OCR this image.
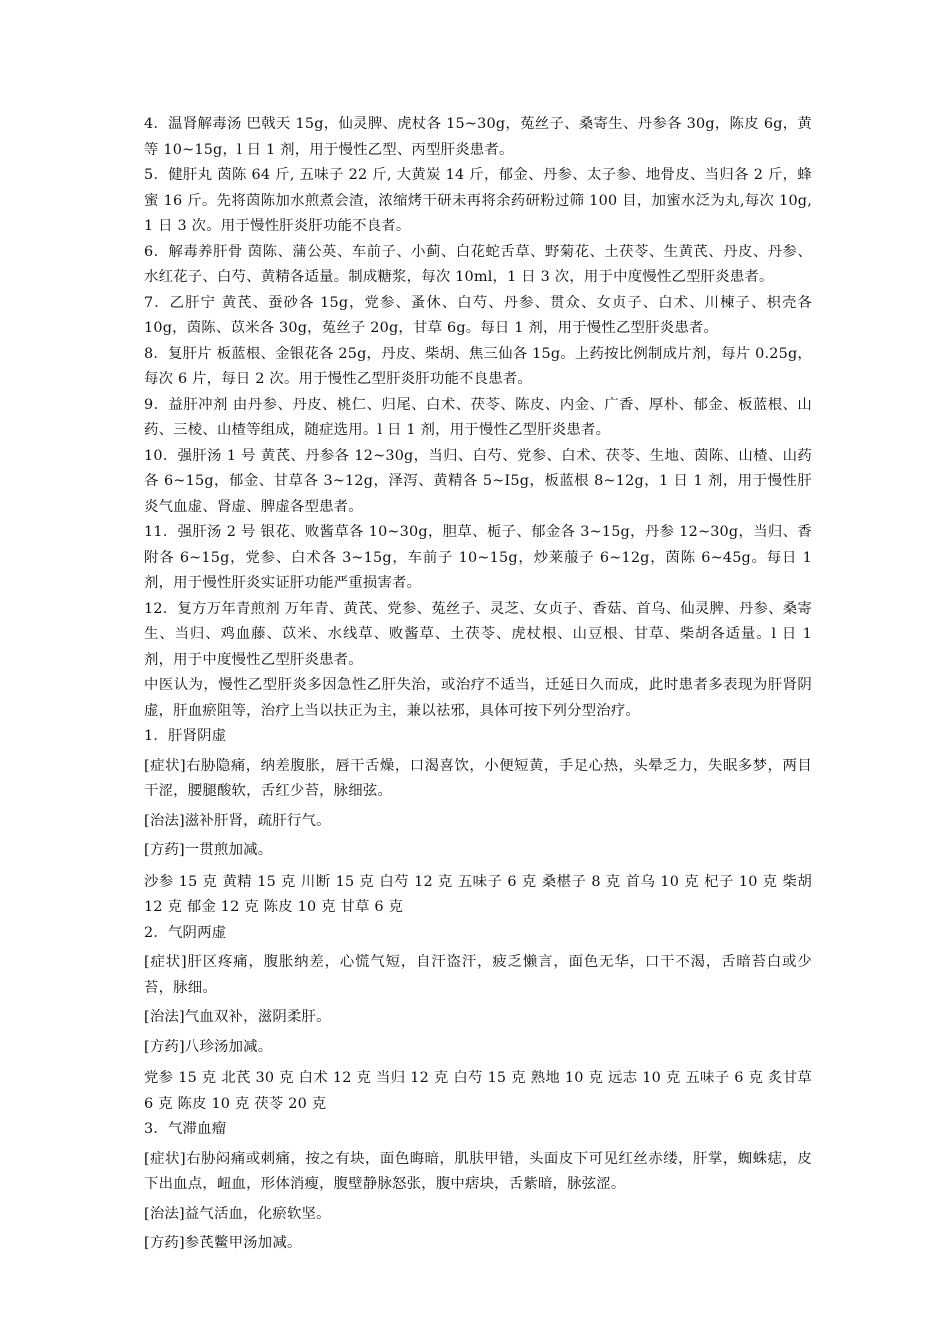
4．温肾解毒汤 巴戟天 15g，仙灵脾、虎杖各 15~30g，菟丝子、桑寄生、丹参各 30g，陈皮 6g，黄等 10~15g，l 日 1 剂，用于慢性乙型、丙型肝炎患者。

5．健肝丸 茵陈 64 斤, 五味子 22 斤, 大黄炭 14 斤，郁金、丹参、太子参、地骨皮、当归各 2 斤，蜂蜜 16 斤。先将茵陈加水煎煮会渣，浓缩烤干研未再将余药研粉过筛 100 目，加蜜水泛为丸,每次 10g, 1 日 3 次。用于慢性肝炎肝功能不良者。

6．解毒养肝骨 茵陈、蒲公英、车前子、小蓟、白花蛇舌草、野菊花、土茯苓、生黄芪、丹皮、丹参、水红花子、白芍、黄精各适量。制成糖浆，每次 10ml，1 日 3 次，用于中度慢性乙型肝炎患者。

7．乙肝宁 黄芪、蚕砂各 15g，党参、蚤休、白芍、丹参、贯众、女贞子、白术、川楝子、枳壳各 10g，茵陈、苡米各 30g，菟丝子 20g，甘草 6g。每日 1 剂，用于慢性乙型肝炎患者。

8．复肝片 板蓝根、金银花各 25g，丹皮、柴胡、焦三仙各 15g。上药按比例制成片剂，每片 0.25g，每次 6 片，每日 2 次。用于慢性乙型肝炎肝功能不良患者。

9．益肝冲剂 由丹参、丹皮、桃仁、归尾、白术、茯苓、陈皮、内金、广香、厚朴、郁金、板蓝根、山药、三棱、山楂等组成，随症选用。l 日 1 剂，用于慢性乙型肝炎患者。

10．强肝汤 1 号 黄芪、丹参各 12~30g，当归、白芍、党参、白术、茯苓、生地、茵陈、山楂、山药各 6~15g，郁金、甘草各 3~12g，泽泻、黄精各 5~I5g，板蓝根 8~12g，1 日 1 剂，用于慢性肝炎气血虚、肾虚、脾虚各型患者。

11．强肝汤 2 号 银花、败酱草各 10~30g，胆草、栀子、郁金各 3~15g，丹参 12~30g，当归、香附各 6~15g，党参、白术各 3~15g，车前子 10~15g，炒莱菔子 6~12g，茵陈 6~45g。每日 1 剂，用于慢性肝炎实证肝功能严重损害者。

12．复方万年青煎剂 万年青、黄芪、党参、菟丝子、灵芝、女贞子、香菇、首乌、仙灵脾、丹参、桑寄生、当归、鸡血藤、苡米、水线草、败酱草、土茯苓、虎杖根、山豆根、甘草、柴胡各适量。l 日 1 剂，用于中度慢性乙型肝炎患者。

中医认为，慢性乙型肝炎多因急性乙肝失治，或治疗不适当，迁延日久而成，此时患者多表现为肝肾阴虚，肝血瘀阻等，治疗上当以扶正为主，兼以祛邪，具体可按下列分型治疗。

1．肝肾阴虚

[症状]右胁隐痛，纳差腹胀，唇干舌燥，口渴喜饮，小便短黄，手足心热，头晕乏力，失眠多梦，两目干涩，腰腿酸软，舌红少苔，脉细弦。

[治法]滋补肝肾，疏肝行气。

[方药]一贯煎加减。

沙参 15 克 黄精 15 克 川断 15 克 白芍 12 克 五味子 6 克 桑椹子 8 克 首乌 10 克 杞子 10 克 柴胡 12 克 郁金 12 克 陈皮 10 克 甘草 6 克

2．气阴两虚

[症状]肝区疼痛，腹胀纳差，心慌气短，自汗盗汗，疲乏懒言，面色无华，口干不渴，舌暗苔白或少苔，脉细。

[治法]气血双补，滋阴柔肝。

[方药]八珍汤加减。

党参 15 克 北芪 30 克 白术 12 克 当归 12 克 白芍 15 克 熟地 10 克 远志 10 克 五味子 6 克 炙甘草 6 克 陈皮 10 克 茯苓 20 克

3．气滞血瘤

[症状]右胁闷痛或刺痛，按之有块，面色晦暗，肌肤甲错，头面皮下可见红丝赤缕，肝掌，蜘蛛痣，皮下出血点，衄血，形体消瘦，腹壁静脉怒张，腹中痞块，舌紫暗，脉弦涩。

[治法]益气活血，化瘀软坚。

[方药]参芪鳖甲汤加减。
